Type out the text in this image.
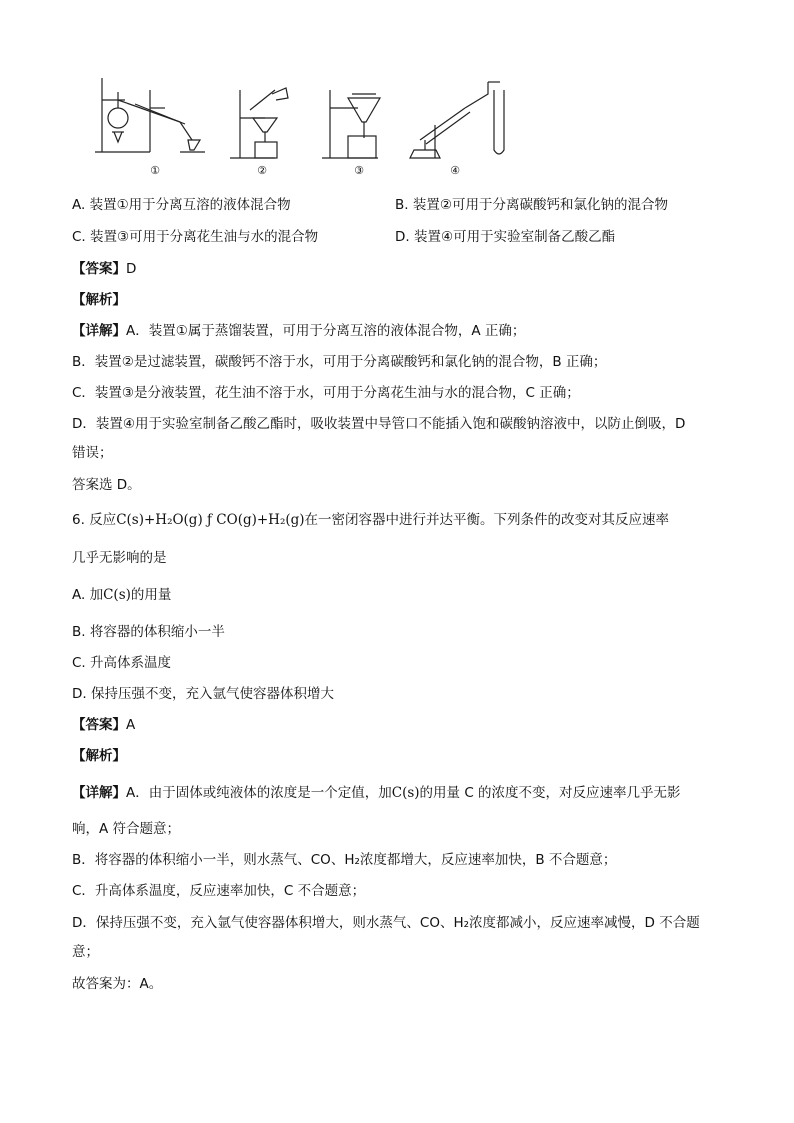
①	②	③	④
A. 装置①用于分离互溶的液体混合物	B. 装置②可用于分离碳酸钙和氯化钠的混合物
C. 装置③可用于分离花生油与水的混合物	D. 装置④可用于实验室制备乙酸乙酯
【答案】D
【解析】
【详解】A．装置①属于蒸馏装置，可用于分离互溶的液体混合物，A 正确；
B．装置②是过滤装置，碳酸钙不溶于水，可用于分离碳酸钙和氯化钠的混合物，B 正确；
C．装置③是分液装置，花生油不溶于水，可用于分离花生油与水的混合物，C 正确；
D．装置④用于实验室制备乙酸乙酯时，吸收装置中导管口不能插入饱和碳酸钠溶液中，以防止倒吸，D
错误；
答案选 D。
6. 反应C(s)+H₂O(g) ƒ CO(g)+H₂(g)在一密闭容器中进行并达平衡。下列条件的改变对其反应速率
几乎无影响的是
A. 加C(s)的用量
B. 将容器的体积缩小一半
C. 升高体系温度
D. 保持压强不变，充入氩气使容器体积增大
【答案】A
【解析】
【详解】A．由于固体或纯液体的浓度是一个定值，加C(s)的用量 C 的浓度不变，对反应速率几乎无影
响，A 符合题意；
B．将容器的体积缩小一半，则水蒸气、CO、H₂浓度都增大，反应速率加快，B 不合题意；
C．升高体系温度，反应速率加快，C 不合题意；
D．保持压强不变，充入氩气使容器体积增大，则水蒸气、CO、H₂浓度都减小，反应速率减慢，D 不合题
意；
故答案为：A。
